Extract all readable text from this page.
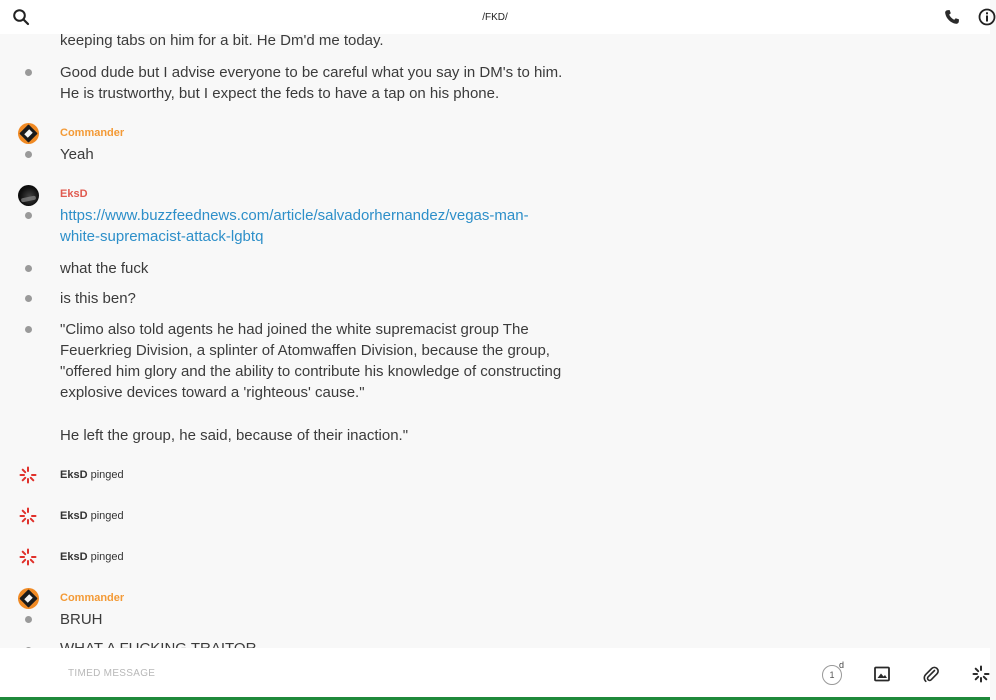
/FKD/
keeping tabs on him for a bit. He Dm'd me today.
Good dude but I advise everyone to be careful what you say in DM's to him.
He is trustworthy, but I expect the feds to have a tap on his phone.
Commander
Yeah
EksD
https://www.buzzfeednews.com/article/salvadorhernandez/vegas-man-
white-supremacist-attack-lgbtq
what the fuck
is this ben?
"Climo also told agents he had joined the white supremacist group The
Feuerkrieg Division, a splinter of Atomwaffen Division, because the group,
"offered him glory and the ability to contribute his knowledge of constructing
explosive devices toward a 'righteous' cause."
He left the group, he said, because of their inaction."
EksD pinged
EksD pinged
EksD pinged
Commander
BRUH
TIMED MESSAGE	1
d
